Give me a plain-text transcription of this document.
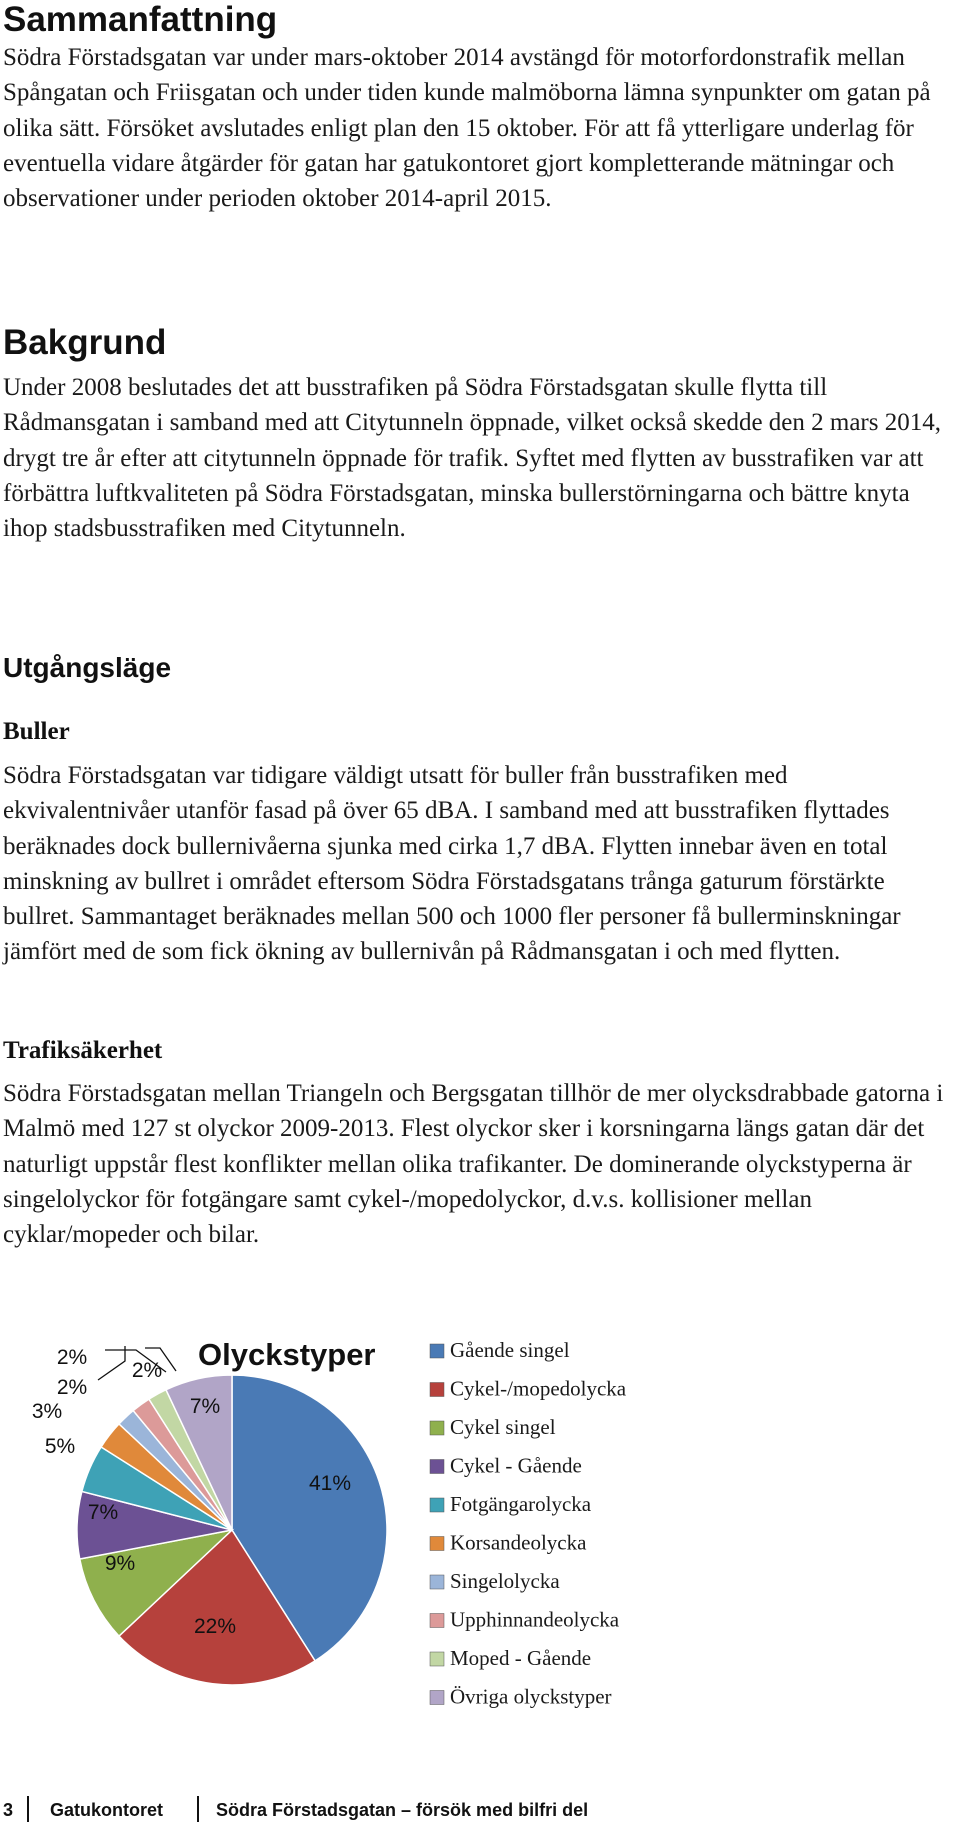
Sammanfattning

Södra Förstadsgatan var under mars-oktober 2014 avstängd för motorfordonstrafik mellan Spångatan och Friisgatan och under tiden kunde malmöborna lämna synpunkter om gatan på olika sätt. Försöket avslutades enligt plan den 15 oktober. För att få ytterligare underlag för eventuella vidare åtgärder för gatan har gatukontoret gjort kompletterande mätningar och observationer under perioden oktober 2014-april 2015.

Bakgrund

Under 2008 beslutades det att busstrafiken på Södra Förstadsgatan skulle flytta till Rådmansgatan i samband med att Citytunneln öppnade, vilket också skedde den 2 mars 2014, drygt tre år efter att citytunneln öppnade för trafik. Syftet med flytten av busstrafiken var att förbättra luftkvaliteten på Södra Förstadsgatan, minska bullerstörningarna och bättre knyta ihop stadsbusstrafiken med Citytunneln.

Utgångsläge
Buller

Södra Förstadsgatan var tidigare väldigt utsatt för buller från busstrafiken med ekvivalentnivåer utanför fasad på över 65 dBA. I samband med att busstrafiken flyttades beräknades dock bullernivåerna sjunka med cirka 1,7 dBA. Flytten innebar även en total minskning av bullret i området eftersom Södra Förstadsgatans trånga gaturum förstärkte bullret. Sammantaget beräknades mellan 500 och 1000 fler personer få bullerminskningar jämfört med de som fick ökning av bullernivån på Rådmansgatan i och med flytten.

Trafiksäkerhet

Södra Förstadsgatan mellan Triangeln och Bergsgatan tillhör de mer olycksdrabbade gatorna i Malmö med 127 st olyckor 2009-2013. Flest olyckor sker i korsningarna längs gatan där det naturligt uppstår flest konflikter mellan olika trafikanter. De dominerande olyckstyperna är singelolyckor för fotgängare samt cykel-/mopedolyckor, d.v.s. kollisioner mellan cyklar/mopeder och bilar.

41%
22%
9%
7%
5%
3%
2%
2%
2%
7%
Olyckstyper	Gående singel
Cykel-/mopedolycka
Cykel singel
Cykel - Gående
Fotgängarolycka
Korsandeolycka
Singelolycka
Upphinnandeolycka
Moped - Gående
Övriga olyckstyper
3 Gatukontoret	Södra Förstadsgatan – försök med bilfri del
